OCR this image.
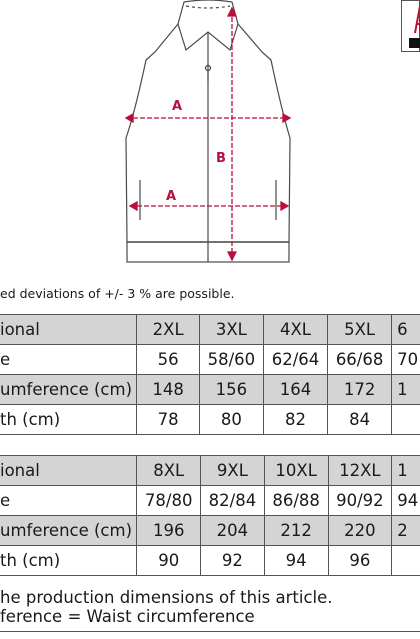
A
B
A
ed deviations of +/- 3 % are possible.
ional	2XL	3XL	4XL	5XL	6
e	56	58/60	62/64	66/68	70
umference (cm)	148	156	164	172	1
th (cm)	78	80	82	84	
ional	8XL	9XL	10XL	12XL	1
e	78/80	82/84	86/88	90/92	94
umference (cm)	196	204	212	220	2
th (cm)	90	92	94	96	
he production dimensions of this article.
ference = Waist circumference
